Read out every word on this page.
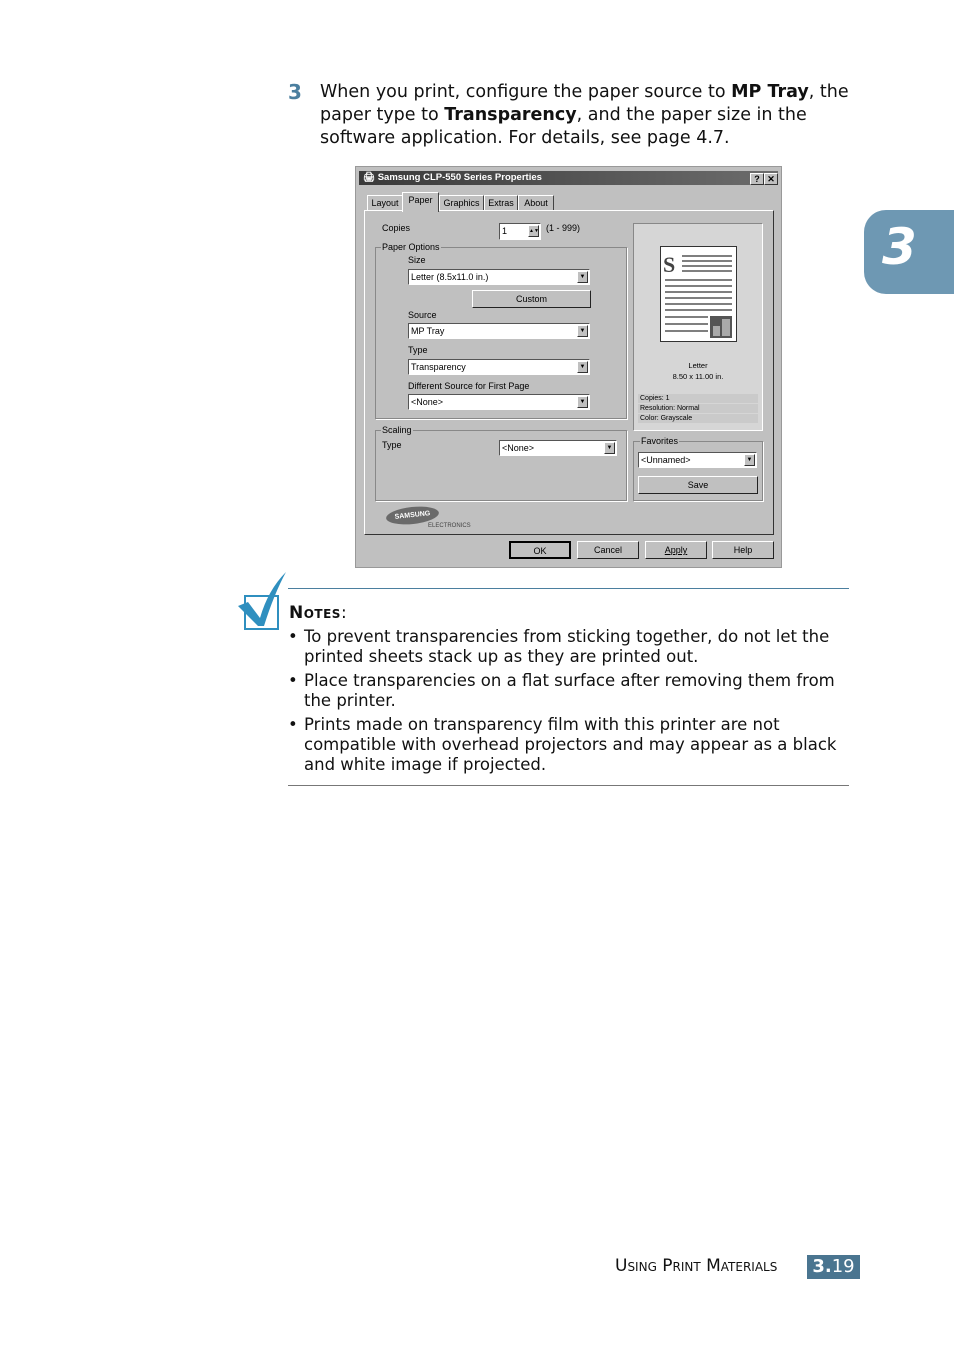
3 When you print, configure the paper source to MP Tray, the paper type to Transparency, and the paper size in the software application. For details, see page 4.7.
3
🖨 Samsung CLP-550 Series Properties	? ✕
Layout	Paper	Graphics Extras	About
Copies	1	▲▼ (1 - 999)
Paper Options
Size
Letter (8.5x11.0 in.)	▼
Custom
Source
MP Tray	▼
Type
Transparency	▼
Different Source for First Page
<None>	▼
Scaling
Type	<None>	▼
S
Letter
8.50 x 11.00 in.
Copies: 1
Resolution: Normal
Color: Grayscale
Favorites
<Unnamed>	▼
Save
SAMSUNG
ELECTRONICS
OK	Cancel	Apply	Help
Notes:
• To prevent transparencies from sticking together, do not let the printed sheets stack up as they are printed out.
• Place transparencies on a flat surface after removing them from the printer.
• Prints made on transparency film with this printer are not compatible with overhead projectors and may appear as a black and white image if projected.
Using Print Materials 3.19
